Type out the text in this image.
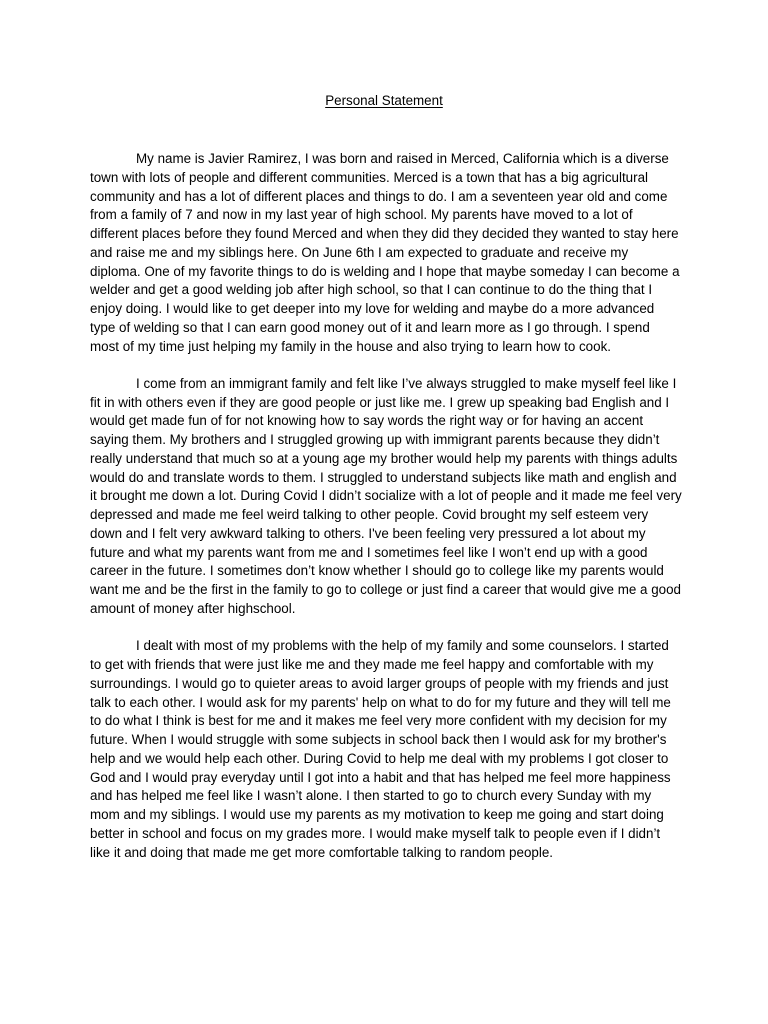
Personal Statement

My name is Javier Ramirez, I was born and raised in Merced, California which is a diverse town with lots of people and different communities. Merced is a town that has a big agricultural community and has a lot of different places and things to do. I am a seventeen year old and come from a family of 7 and now in my last year of high school. My parents have moved to a lot of different places before they found Merced and when they did they decided they wanted to stay here and raise me and my siblings here. On June 6th I am expected to graduate and receive my diploma. One of my favorite things to do is welding and I hope that maybe someday I can become a welder and get a good welding job after high school, so that I can continue to do the thing that I enjoy doing. I would like to get deeper into my love for welding and maybe do a more advanced type of welding so that I can earn good money out of it and learn more as I go through. I spend most of my time just helping my family in the house and also trying to learn how to cook.

I come from an immigrant family and felt like I’ve always struggled to make myself feel like I fit in with others even if they are good people or just like me. I grew up speaking bad English and I would get made fun of for not knowing how to say words the right way or for having an accent saying them. My brothers and I struggled growing up with immigrant parents because they didn’t really understand that much so at a young age my brother would help my parents with things adults would do and translate words to them. I struggled to understand subjects like math and english and it brought me down a lot. During Covid I didn’t socialize with a lot of people and it made me feel very depressed and made me feel weird talking to other people. Covid brought my self esteem very down and I felt very awkward talking to others. I've been feeling very pressured a lot about my future and what my parents want from me and I sometimes feel like I won’t end up with a good career in the future. I sometimes don’t know whether I should go to college like my parents would want me and be the first in the family to go to college or just find a career that would give me a good amount of money after highschool.

I dealt with most of my problems with the help of my family and some counselors. I started to get with friends that were just like me and they made me feel happy and comfortable with my surroundings. I would go to quieter areas to avoid larger groups of people with my friends and just talk to each other. I would ask for my parents' help on what to do for my future and they will tell me to do what I think is best for me and it makes me feel very more confident with my decision for my future. When I would struggle with some subjects in school back then I would ask for my brother's help and we would help each other. During Covid to help me deal with my problems I got closer to God and I would pray everyday until I got into a habit and that has helped me feel more happiness and has helped me feel like I wasn’t alone. I then started to go to church every Sunday with my mom and my siblings. I would use my parents as my motivation to keep me going and start doing better in school and focus on my grades more. I would make myself talk to people even if I didn’t like it and doing that made me get more comfortable talking to random people.
